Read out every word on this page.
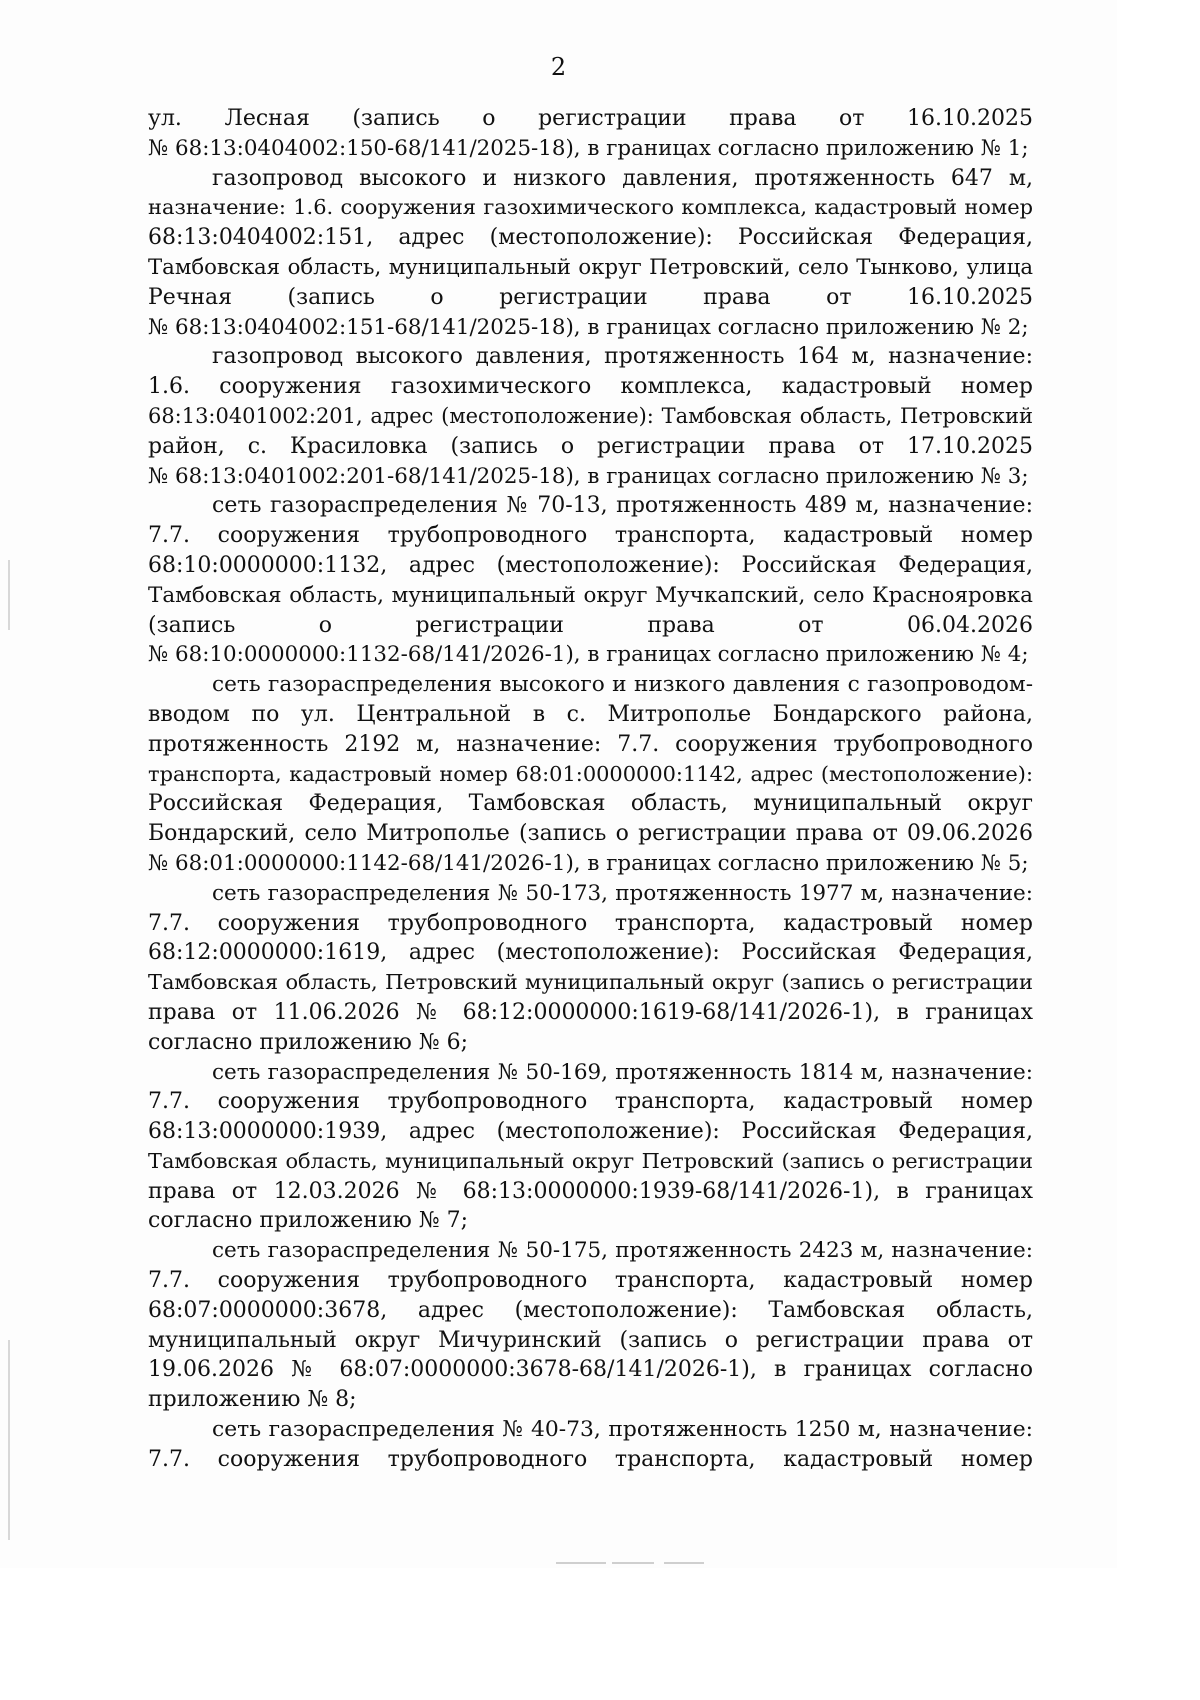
2
ул. Лесная (запись о регистрации права от 16.10.2025
№ 68:13:0404002:150-68/141/2025-18), в границах согласно приложению № 1;
газопровод высокого и низкого давления, протяженность 647 м,
назначение: 1.6. сооружения газохимического комплекса, кадастровый номер
68:13:0404002:151, адрес (местоположение): Российская Федерация,
Тамбовская область, муниципальный округ Петровский, село Тынково, улица
Речная (запись о регистрации права от 16.10.2025
№ 68:13:0404002:151-68/141/2025-18), в границах согласно приложению № 2;
газопровод высокого давления, протяженность 164 м, назначение:
1.6. сооружения газохимического комплекса, кадастровый номер
68:13:0401002:201, адрес (местоположение): Тамбовская область, Петровский
район, с. Красиловка (запись о регистрации права от 17.10.2025
№ 68:13:0401002:201-68/141/2025-18), в границах согласно приложению № 3;
сеть газораспределения № 70-13, протяженность 489 м, назначение:
7.7. сооружения трубопроводного транспорта, кадастровый номер
68:10:0000000:1132, адрес (местоположение): Российская Федерация,
Тамбовская область, муниципальный округ Мучкапский, село Краснояровка
(запись о регистрации права от 06.04.2026
№ 68:10:0000000:1132-68/141/2026-1), в границах согласно приложению № 4;
сеть газораспределения высокого и низкого давления с газопроводом-
вводом по ул. Центральной в с. Митрополье Бондарского района,
протяженность 2192 м, назначение: 7.7. сооружения трубопроводного
транспорта, кадастровый номер 68:01:0000000:1142, адрес (местоположение):
Российская Федерация, Тамбовская область, муниципальный округ
Бондарский, село Митрополье (запись о регистрации права от 09.06.2026
№ 68:01:0000000:1142-68/141/2026-1), в границах согласно приложению № 5;
сеть газораспределения № 50-173, протяженность 1977 м, назначение:
7.7. сооружения трубопроводного транспорта, кадастровый номер
68:12:0000000:1619, адрес (местоположение): Российская Федерация,
Тамбовская область, Петровский муниципальный округ (запись о регистрации
права от 11.06.2026 № 68:12:0000000:1619-68/141/2026-1), в границах
согласно приложению № 6;
сеть газораспределения № 50-169, протяженность 1814 м, назначение:
7.7. сооружения трубопроводного транспорта, кадастровый номер
68:13:0000000:1939, адрес (местоположение): Российская Федерация,
Тамбовская область, муниципальный округ Петровский (запись о регистрации
права от 12.03.2026 № 68:13:0000000:1939-68/141/2026-1), в границах
согласно приложению № 7;
сеть газораспределения № 50-175, протяженность 2423 м, назначение:
7.7. сооружения трубопроводного транспорта, кадастровый номер
68:07:0000000:3678, адрес (местоположение): Тамбовская область,
муниципальный округ Мичуринский (запись о регистрации права от
19.06.2026 № 68:07:0000000:3678-68/141/2026-1), в границах согласно
приложению № 8;
сеть газораспределения № 40-73, протяженность 1250 м, назначение:
7.7. сооружения трубопроводного транспорта, кадастровый номер
